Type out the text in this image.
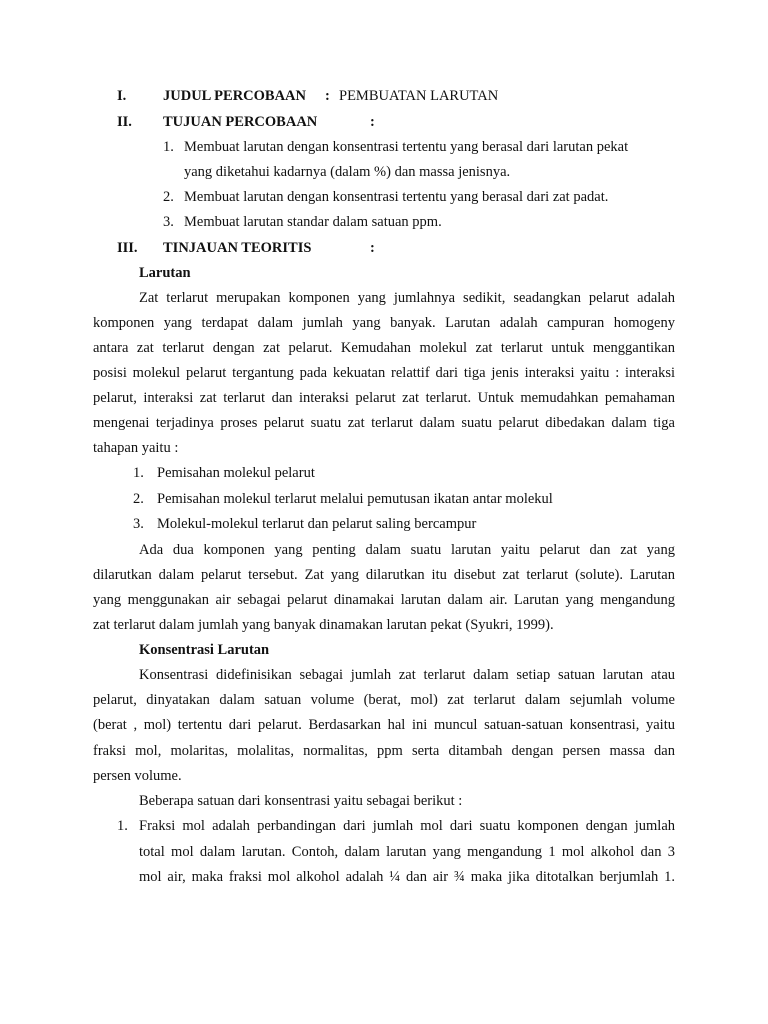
I.	JUDUL PERCOBAAN : PEMBUATAN LARUTAN
II. TUJUAN PERCOBAAN	:
1. Membuat larutan dengan konsentrasi tertentu yang berasal dari larutan pekat
yang diketahui kadarnya (dalam %) dan massa jenisnya.
2. Membuat larutan dengan konsentrasi tertentu yang berasal dari zat padat.
3. Membuat larutan standar dalam satuan ppm.
III. TINJAUAN TEORITIS	:
Larutan
Zat terlarut merupakan komponen yang jumlahnya sedikit, seadangkan pelarut adalah
komponen yang terdapat dalam jumlah yang banyak. Larutan adalah campuran homogeny
antara zat terlarut dengan zat pelarut. Kemudahan molekul zat terlarut untuk menggantikan
posisi molekul pelarut tergantung pada kekuatan relattif dari tiga jenis interaksi yaitu : interaksi
pelarut, interaksi zat terlarut dan interaksi pelarut zat terlarut. Untuk memudahkan pemahaman
mengenai terjadinya proses pelarut suatu zat terlarut dalam suatu pelarut dibedakan dalam tiga
tahapan yaitu :
1. Pemisahan molekul pelarut
2. Pemisahan molekul terlarut melalui pemutusan ikatan antar molekul
3. Molekul-molekul terlarut dan pelarut saling bercampur
Ada dua komponen yang penting dalam suatu larutan yaitu pelarut dan zat yang
dilarutkan dalam pelarut tersebut. Zat yang dilarutkan itu disebut zat terlarut (solute). Larutan
yang menggunakan air sebagai pelarut dinamakai larutan dalam air. Larutan yang mengandung
zat terlarut dalam jumlah yang banyak dinamakan larutan pekat (Syukri, 1999).
Konsentrasi Larutan
Konsentrasi didefinisikan sebagai jumlah zat terlarut dalam setiap satuan larutan atau
pelarut, dinyatakan dalam satuan volume (berat, mol) zat terlarut dalam sejumlah volume
(berat , mol) tertentu dari pelarut. Berdasarkan hal ini muncul satuan-satuan konsentrasi, yaitu
fraksi mol, molaritas, molalitas, normalitas, ppm serta ditambah dengan persen massa dan
persen volume.
Beberapa satuan dari konsentrasi yaitu sebagai berikut :
1. Fraksi mol adalah perbandingan dari jumlah mol dari suatu komponen dengan jumlah
total mol dalam larutan. Contoh, dalam larutan yang mengandung 1 mol alkohol dan 3
mol air, maka fraksi mol alkohol adalah ¼ dan air ¾ maka jika ditotalkan berjumlah 1.
